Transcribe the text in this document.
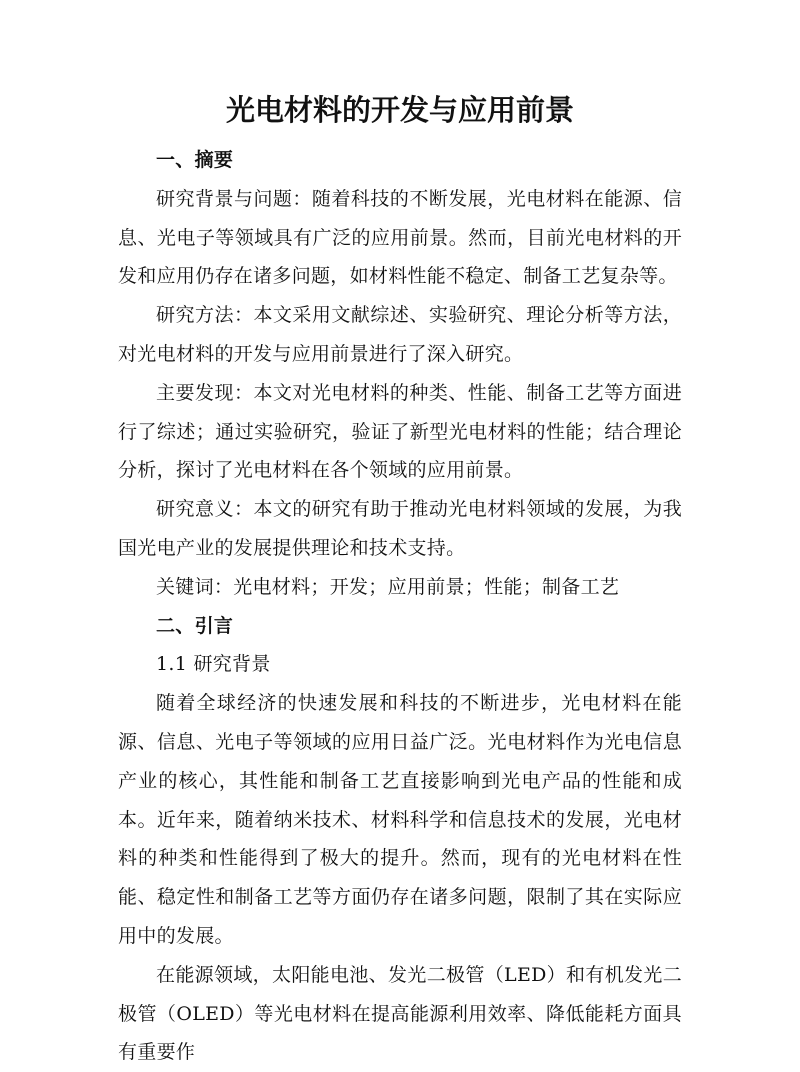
光电材料的开发与应用前景
一、摘要

研究背景与问题：随着科技的不断发展，光电材料在能源、信息、光电子等领域具有广泛的应用前景。然而，目前光电材料的开发和应用仍存在诸多问题，如材料性能不稳定、制备工艺复杂等。

研究方法：本文采用文献综述、实验研究、理论分析等方法，对光电材料的开发与应用前景进行了深入研究。

主要发现：本文对光电材料的种类、性能、制备工艺等方面进行了综述；通过实验研究，验证了新型光电材料的性能；结合理论分析，探讨了光电材料在各个领域的应用前景。

研究意义：本文的研究有助于推动光电材料领域的发展，为我国光电产业的发展提供理论和技术支持。

关键词：光电材料；开发；应用前景；性能；制备工艺

二、引言

1.1 研究背景

随着全球经济的快速发展和科技的不断进步，光电材料在能源、信息、光电子等领域的应用日益广泛。光电材料作为光电信息产业的核心，其性能和制备工艺直接影响到光电产品的性能和成本。近年来，随着纳米技术、材料科学和信息技术的发展，光电材料的种类和性能得到了极大的提升。然而，现有的光电材料在性能、稳定性和制备工艺等方面仍存在诸多问题，限制了其在实际应用中的发展。

在能源领域，太阳能电池、发光二极管（LED）和有机发光二极管（OLED）等光电材料在提高能源利用效率、降低能耗方面具有重要作
